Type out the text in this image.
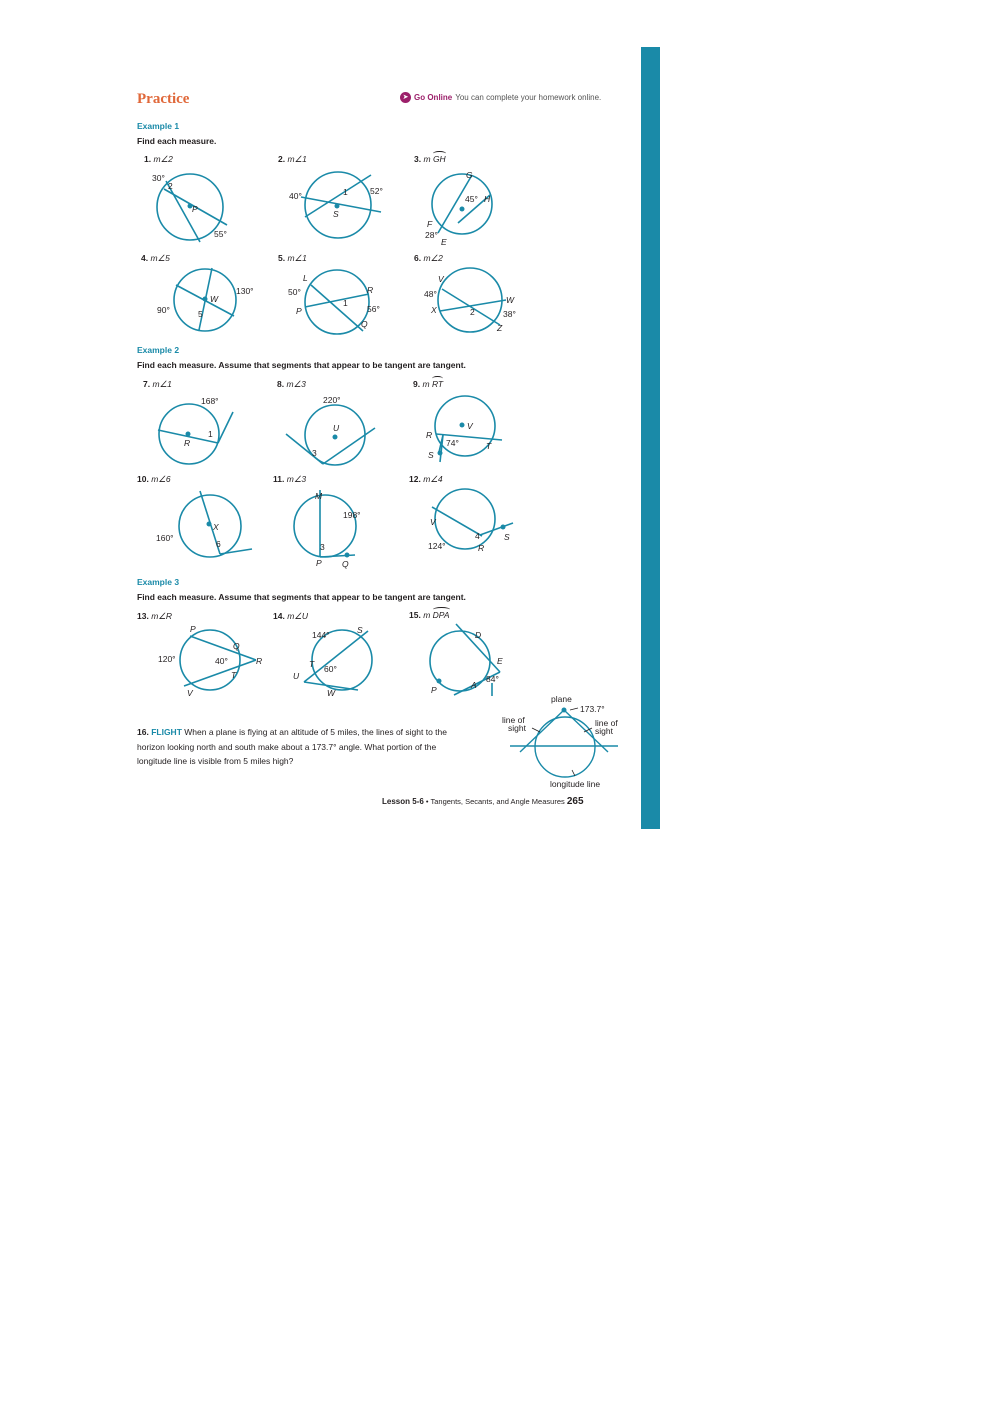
Practice	➤ Go Online You can complete your homework online.
Example 1
Find each measure.
1. m∠2	2. m∠1	3. m GH
4. m∠5	5. m∠1	6. m∠2
30°
2
P
55°
40°	1	52°
S
G
45° H
F
28°
E
130°
W
90°	5
L
50°	R
1
P	56°
Q
V
48°
W
X	2	38°
Z
Example 2
Find each measure. Assume that segments that appear to be tangent are tangent.
7. m∠1	8. m∠3	9. m RT
10. m∠6	11. m∠3	12. m∠4
168°
1
R
220°
U
3
V
R
74°	T
S
X
160°
6
M
198°
3
P Q
V
4	S
124°	R
Example 3
Find each measure. Assume that segments that appear to be tangent are tangent.
13. m∠R	14. m∠U	15. m DPA
P
Q
120°	40°	R
T
V
144°	S
T 60°
U
W
D
E
84°
P	A
16. FLIGHT When a plane is flying at an altitude of 5 miles, the lines of sight to the horizon looking north and south make about a 173.7° angle. What portion of the longitude line is visible from 5 miles high?
plane
173.7°
line of
sight	line of
sight
longitude line
Lesson 5-6 • Tangents, Secants, and Angle Measures 265
